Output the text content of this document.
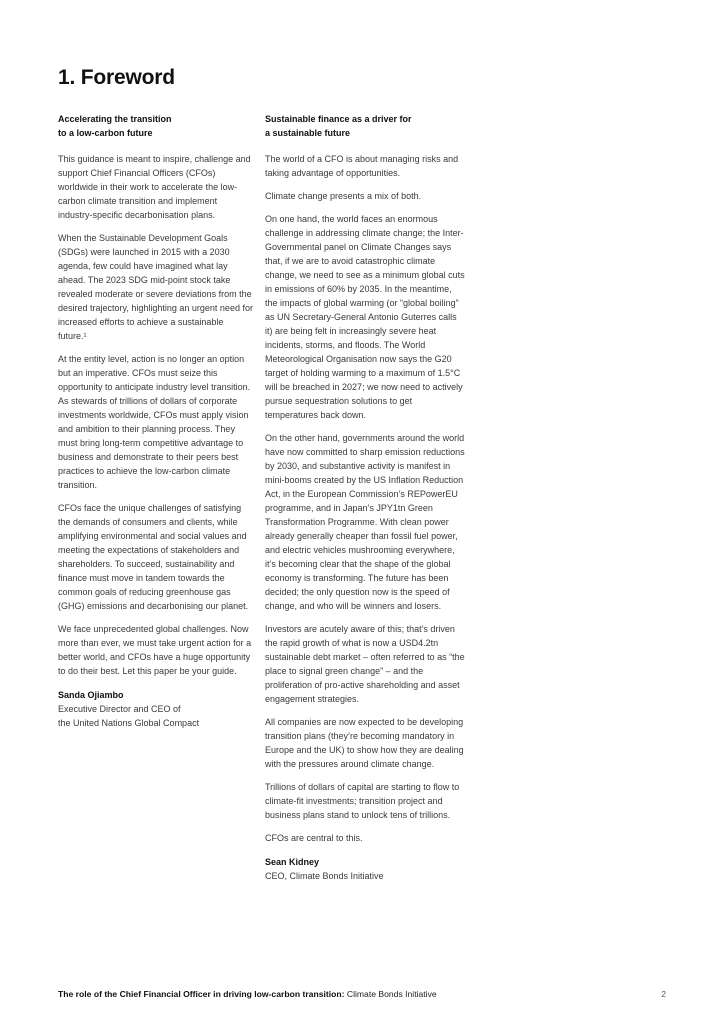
1. Foreword
Accelerating the transition
to a low-carbon future

This guidance is meant to inspire, challenge and support Chief Financial Officers (CFOs) worldwide in their work to accelerate the low-carbon climate transition and implement industry-specific decarbonisation plans.

When the Sustainable Development Goals (SDGs) were launched in 2015 with a 2030 agenda, few could have imagined what lay ahead. The 2023 SDG mid-point stock take revealed moderate or severe deviations from the desired trajectory, highlighting an urgent need for increased efforts to achieve a sustainable future.¹

At the entity level, action is no longer an option but an imperative. CFOs must seize this opportunity to anticipate industry level transition. As stewards of trillions of dollars of corporate investments worldwide, CFOs must apply vision and ambition to their planning process. They must bring long-term competitive advantage to business and demonstrate to their peers best practices to achieve the low-carbon climate transition.

CFOs face the unique challenges of satisfying the demands of consumers and clients, while amplifying environmental and social values and meeting the expectations of stakeholders and shareholders. To succeed, sustainability and finance must move in tandem towards the common goals of reducing greenhouse gas (GHG) emissions and decarbonising our planet.

We face unprecedented global challenges. Now more than ever, we must take urgent action for a better world, and CFOs have a huge opportunity to do their best. Let this paper be your guide.

Sanda Ojiambo
Executive Director and CEO of
the United Nations Global Compact
Sustainable finance as a driver for
a sustainable future

The world of a CFO is about managing risks and taking advantage of opportunities.

Climate change presents a mix of both.

On one hand, the world faces an enormous challenge in addressing climate change; the Inter-Governmental panel on Climate Changes says that, if we are to avoid catastrophic climate change, we need to see as a minimum global cuts in emissions of 60% by 2035. In the meantime, the impacts of global warming (or “global boiling” as UN Secretary-General Antonio Guterres calls it) are being felt in increasingly severe heat incidents, storms, and floods. The World Meteorological Organisation now says the G20 target of holding warming to a maximum of 1.5°C will be breached in 2027; we now need to actively pursue sequestration solutions to get temperatures back down.

On the other hand, governments around the world have now committed to sharp emission reductions by 2030, and substantive activity is manifest in mini-booms created by the US Inflation Reduction Act, in the European Commission’s REPowerEU programme, and in Japan’s JPY1tn Green Transformation Programme. With clean power already generally cheaper than fossil fuel power, and electric vehicles mushrooming everywhere, it’s becoming clear that the shape of the global economy is transforming. The future has been decided; the only question now is the speed of change, and who will be winners and losers.

Investors are acutely aware of this; that’s driven the rapid growth of what is now a USD4.2tn sustainable debt market – often referred to as “the place to signal green change” – and the proliferation of pro-active shareholding and asset engagement strategies.

All companies are now expected to be developing transition plans (they’re becoming mandatory in Europe and the UK) to show how they are dealing with the pressures around climate change.

Trillions of dollars of capital are starting to flow to climate-fit investments; transition project and business plans stand to unlock tens of trillions.

CFOs are central to this.

Sean Kidney
CEO, Climate Bonds Initiative
The role of the Chief Financial Officer in driving low-carbon transition: Climate Bonds Initiative	2
